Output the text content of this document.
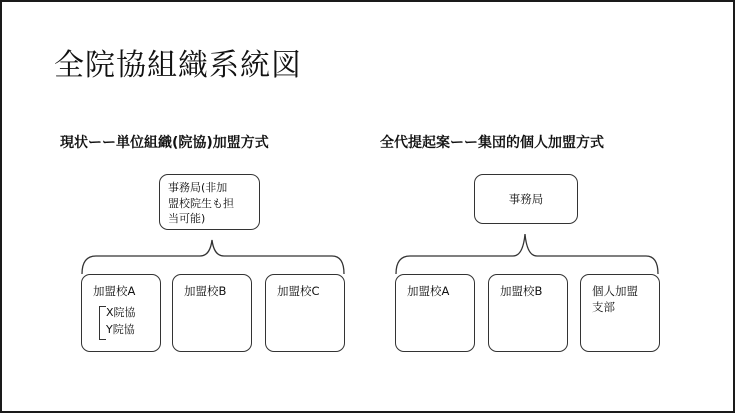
全院協組織系統図
現状ーー単位組織(院協)加盟方式	全代提起案ーー集団的個人加盟方式
事務局(非加
盟校院生も担
当可能)
加盟校A
X院協
Y院協
加盟校B	加盟校C
事務局
加盟校A	加盟校B	個人加盟
支部
